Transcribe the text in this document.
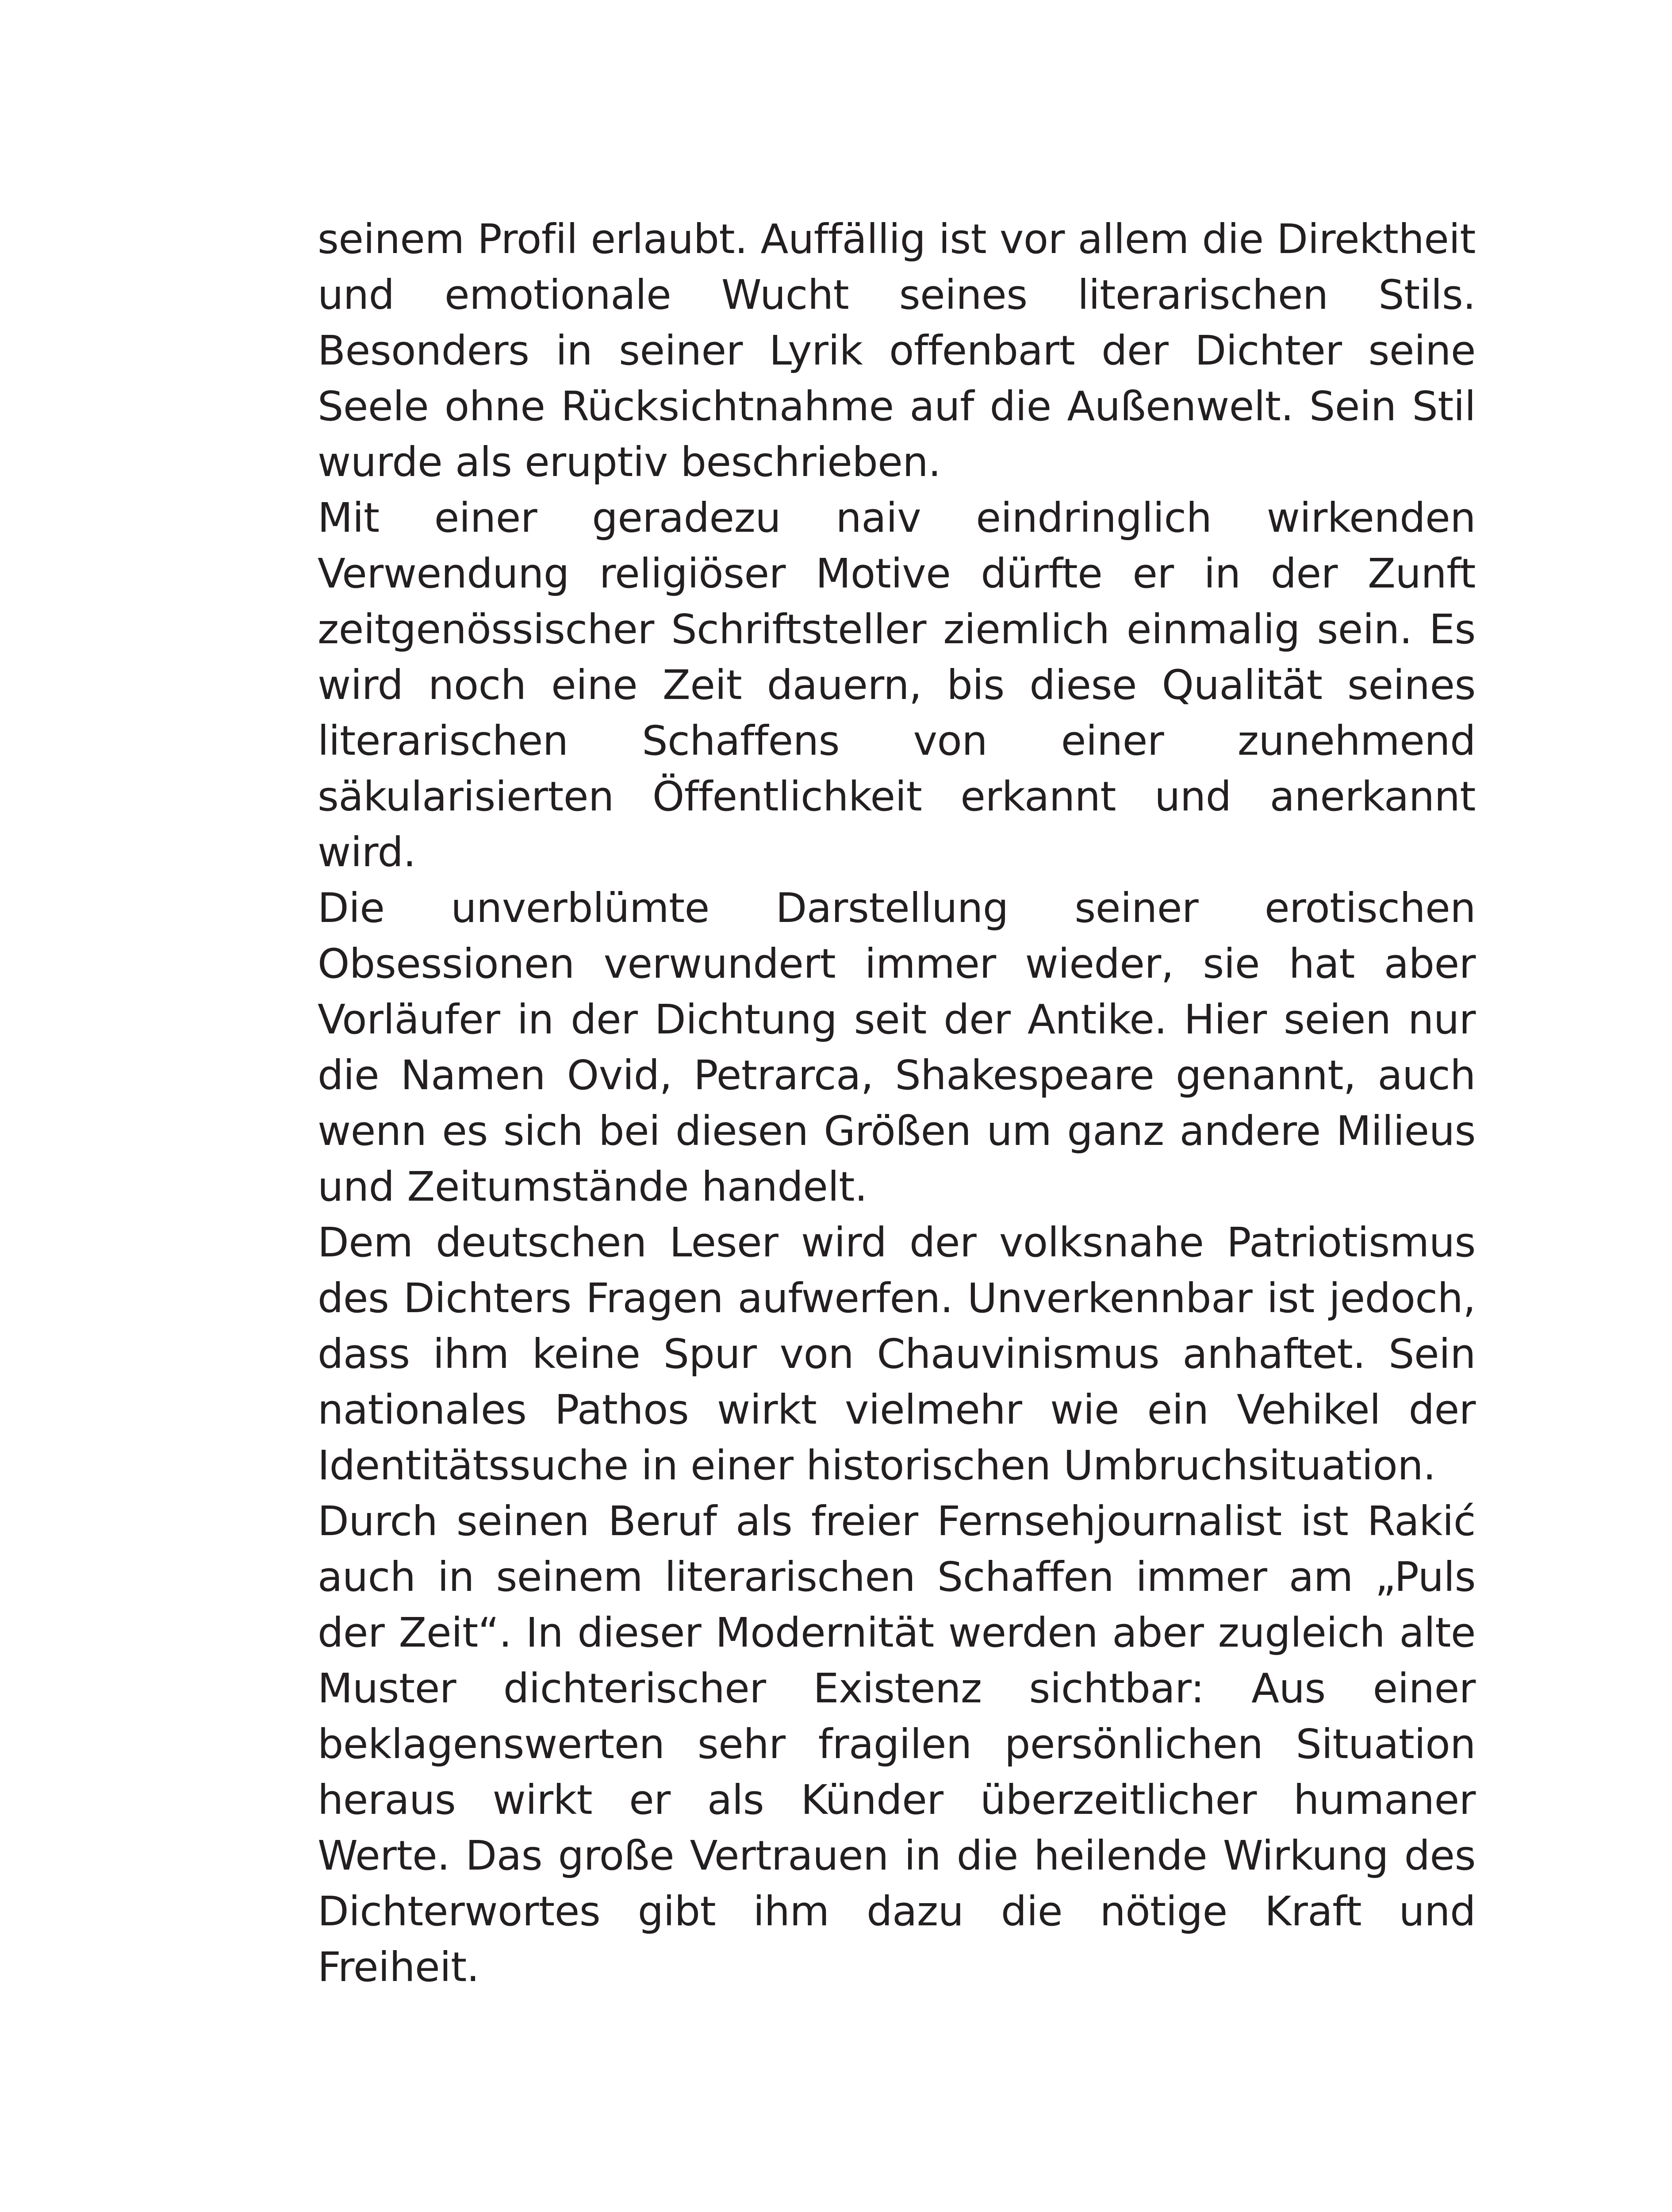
seinem Profil erlaubt. Auffällig ist vor allem die Direktheit und emotionale Wucht seines literarischen Stils. Besonders in seiner Lyrik offenbart der Dichter seine Seele ohne Rücksichtnahme auf die Außenwelt. Sein Stil wurde als eruptiv beschrieben.

Mit einer geradezu naiv eindringlich wirkenden Verwendung religiöser Motive dürfte er in der Zunft zeitgenössischer Schriftsteller ziemlich einmalig sein. Es wird noch eine Zeit dauern, bis diese Qualität seines literarischen Schaffens von einer zunehmend säkularisierten Öffentlichkeit erkannt und anerkannt wird.

Die unverblümte Darstellung seiner erotischen Obsessionen verwundert immer wieder, sie hat aber Vorläufer in der Dichtung seit der Antike. Hier seien nur die Namen Ovid, Petrarca, Shakespeare genannt, auch wenn es sich bei diesen Größen um ganz andere Milieus und Zeitumstände handelt.

Dem deutschen Leser wird der volksnahe Patriotismus des Dichters Fragen aufwerfen. Unverkennbar ist jedoch, dass ihm keine Spur von Chauvinismus anhaftet. Sein nationales Pathos wirkt vielmehr wie ein Vehikel der Identitätssuche in einer historischen Umbruchsituation.

Durch seinen Beruf als freier Fernsehjournalist ist Rakić auch in seinem literarischen Schaffen immer am „Puls der Zeit“. In dieser Modernität werden aber zugleich alte Muster dichterischer Existenz sichtbar: Aus einer beklagenswerten sehr fragilen persönlichen Situation heraus wirkt er als Künder überzeitlicher humaner Werte. Das große Vertrauen in die heilende Wirkung des Dichterwortes gibt ihm dazu die nötige Kraft und Freiheit.
